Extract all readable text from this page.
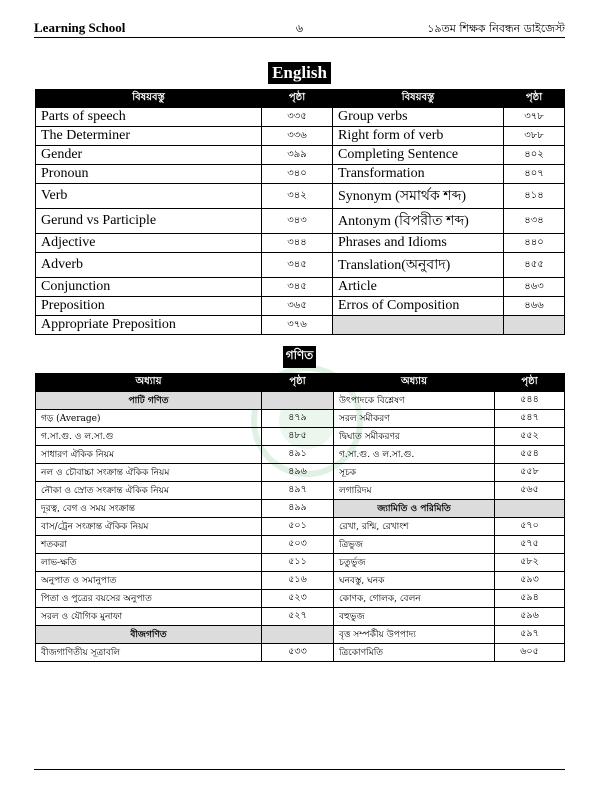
Learning School	৬	১৯তম শিক্ষক নিবন্ধন ডাইজেস্ট
English
বিষয়বস্তু	পৃষ্ঠা	বিষয়বস্তু	পৃষ্ঠা
Parts of speech	৩৩৫	Group verbs	৩৭৮
The Determiner	৩৩৬	Right form of verb	৩৮৮
Gender	৩৯৯	Completing Sentence	৪০২
Pronoun	৩৪০	Transformation	৪০৭
Verb	৩৪২	Synonym (সমার্থক শব্দ)	৪১৪
Gerund vs Participle	৩৪৩	Antonym (বিপরীত শব্দ)	৪৩৪
Adjective	৩৪৪	Phrases and Idioms	৪৪০
Adverb	৩৪৫	Translation(অনুবাদ)	৪৫৫
Conjunction	৩৪৫	Article	৪৬৩
Preposition	৩৬৫	Erros of Composition	৪৬৬
Appropriate Preposition	৩৭৬		
গণিত
অধ্যায়	পৃষ্ঠা	অধ্যায়	পৃষ্ঠা
পাটি গণিত		উৎপাদকে বিশ্লেষণ	৫৪৪
গড় (Average)	৪৭৯	সরল সমীকরণ	৫৪৭
গ.সা.গু. ও ল.সা.গু	৪৮৫	দ্বিঘাত সমীকরণর	৫৫২
সাধারণ ঐকিক নিয়ম	৪৯১	গ.সা.গু. ও ল.সা.গু.	৫৫৪
নল ও চৌবাচ্চা সংক্রান্ত ঐকিক নিয়ম	৪৯৬	সূচক	৫৫৮
নৌকা ও স্রোত সংক্রান্ত ঐকিক নিয়ম	৪৯৭	লগারিদম	৫৬৫
দূরত্ব, বেগ ও সময় সংক্রান্ত	৪৯৯	জ্যামিতি ও পরিমিতি	
বাস/ট্রেন সংক্রান্ত ঐকিক নিয়ম	৫০১	রেখা, রশ্মি, রেখাংশ	৫৭০
শতকরা	৫০৩	ত্রিভুজ	৫৭৫
লাভ-ক্ষতি	৫১১	চতুর্ভুজ	৫৮২
অনুপাত ও সমানুপাত	৫১৬	ঘনবস্তু, ঘনক	৫৯৩
পিতা ও পুত্রের বয়সের অনুপাত	৫২৩	কোণক, গোলক, বেলন	৫৯৪
সরল ও যৌগিক মুনাফা	৫২৭	বহুভুজ	৫৯৬
বীজগণিত		বৃত্ত সম্পর্কীয় উপপাদ্য	৫৯৭
বীজগাণিতীয় সূত্রাবলি	৫৩৩	ত্রিকোণমিতি	৬০৫
